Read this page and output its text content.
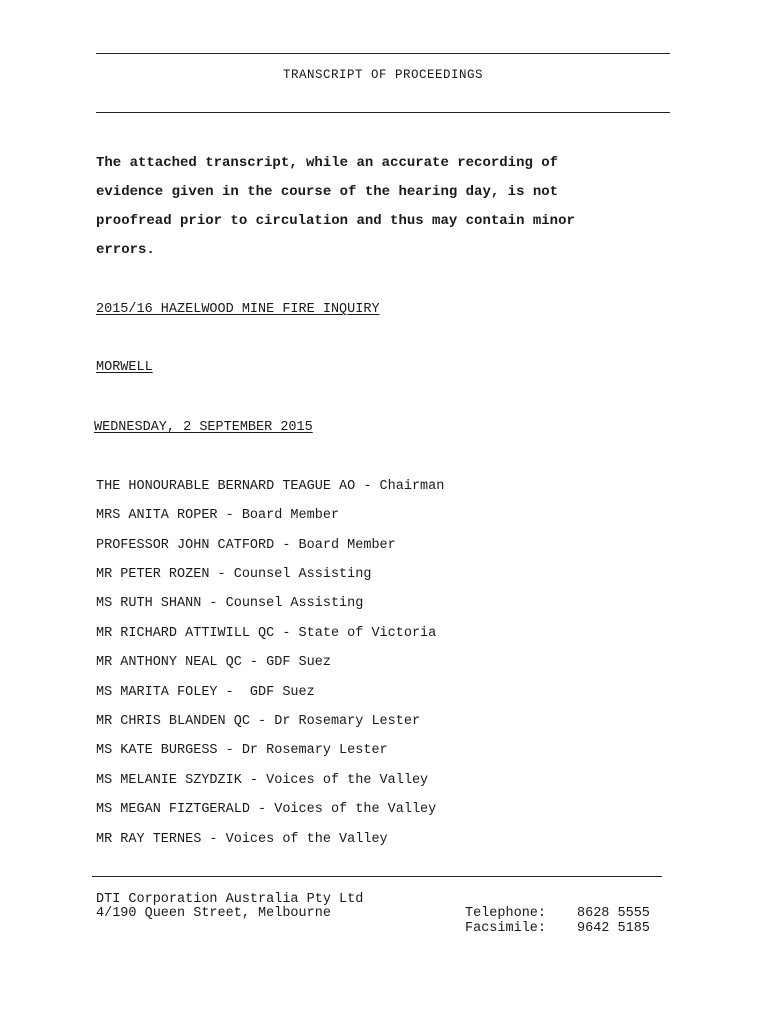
TRANSCRIPT OF PROCEEDINGS
The attached transcript, while an accurate recording of
evidence given in the course of the hearing day, is not
proofread prior to circulation and thus may contain minor
errors.
2015/16 HAZELWOOD MINE FIRE INQUIRY
MORWELL
WEDNESDAY, 2 SEPTEMBER 2015
THE HONOURABLE BERNARD TEAGUE AO - Chairman
MRS ANITA ROPER - Board Member
PROFESSOR JOHN CATFORD - Board Member
MR PETER ROZEN - Counsel Assisting
MS RUTH SHANN - Counsel Assisting
MR RICHARD ATTIWILL QC - State of Victoria
MR ANTHONY NEAL QC - GDF Suez
MS MARITA FOLEY -  GDF Suez
MR CHRIS BLANDEN QC - Dr Rosemary Lester
MS KATE BURGESS - Dr Rosemary Lester
MS MELANIE SZYDZIK - Voices of the Valley
MS MEGAN FIZTGERALD - Voices of the Valley
MR RAY TERNES - Voices of the Valley
DTI Corporation Australia Pty Ltd
4/190 Queen Street, Melbourne	Telephone: 8628 5555
Facsimile: 9642 5185
